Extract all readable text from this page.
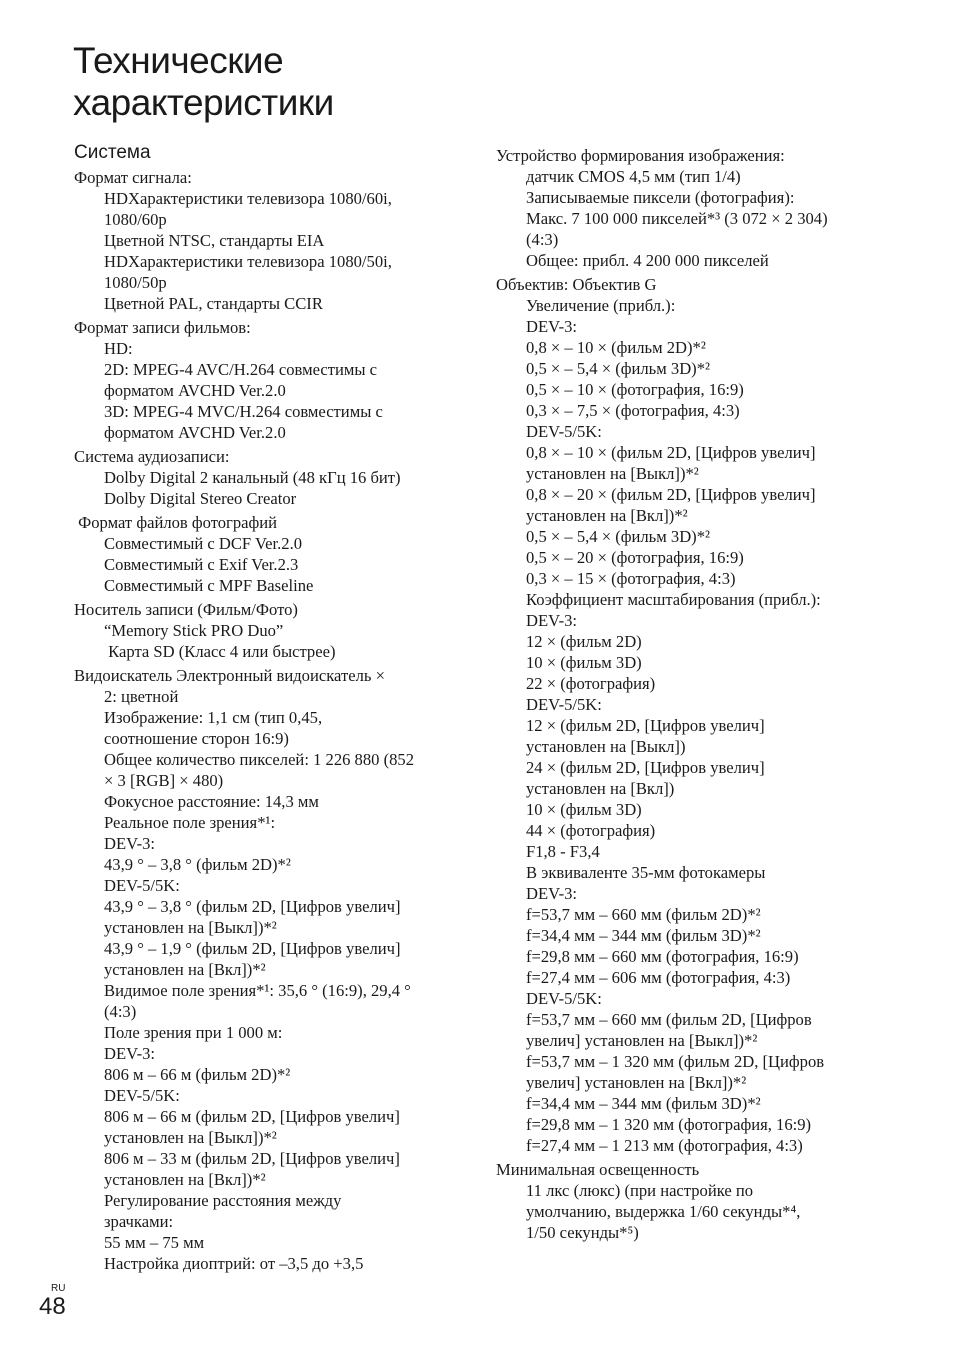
Технические
характеристики
Система
Формат сигнала:
HDХарактеристики телевизора 1080/60i,
1080/60p
Цветной NTSC, стандарты EIA
HDХарактеристики телевизора 1080/50i,
1080/50p
Цветной PAL, стандарты CCIR
Формат записи фильмов:
HD:
2D: MPEG-4 AVC/H.264 совместимы с
форматом AVCHD Ver.2.0
3D: MPEG-4 MVC/H.264 совместимы с
форматом AVCHD Ver.2.0
Система аудиозаписи:
Dolby Digital 2 канальный (48 кГц 16 бит)
Dolby Digital Stereo Creator
Формат файлов фотографий
Совместимый с DCF Ver.2.0
Совместимый с Exif Ver.2.3
Совместимый с MPF Baseline
Носитель записи (Фильм/Фото)
“Memory Stick PRO Duo”
Карта SD (Класс 4 или быстрее)
Видоискатель Электронный видоискатель ×
2: цветной
Изображение: 1,1 см (тип 0,45,
соотношение сторон 16:9)
Общее количество пикселей: 1 226 880 (852
× 3 [RGB] × 480)
Фокусное расстояние: 14,3 мм
Реальное поле зрения*¹:
DEV-3:
43,9 ° – 3,8 ° (фильм 2D)*²
DEV-5/5K:
43,9 ° – 3,8 ° (фильм 2D, [Цифров увелич]
установлен на [Выкл])*²
43,9 ° – 1,9 ° (фильм 2D, [Цифров увелич]
установлен на [Вкл])*²
Видимое поле зрения*¹: 35,6 ° (16:9), 29,4 °
(4:3)
Поле зрения при 1 000 м:
DEV-3:
806 м – 66 м (фильм 2D)*²
DEV-5/5K:
806 м – 66 м (фильм 2D, [Цифров увелич]
установлен на [Выкл])*²
806 м – 33 м (фильм 2D, [Цифров увелич]
установлен на [Вкл])*²
Регулирование расстояния между
зрачками:
55 мм – 75 мм
Настройка диоптрий: от –3,5 до +3,5
Устройство формирования изображения:
датчик CMOS 4,5 мм (тип 1/4)
Записываемые пиксели (фотография):
Макс. 7 100 000 пикселей*³ (3 072 × 2 304)
(4:3)
Общее: прибл. 4 200 000 пикселей
Объектив: Объектив G
Увеличение (прибл.):
DEV-3:
0,8 × – 10 × (фильм 2D)*²
0,5 × – 5,4 × (фильм 3D)*²
0,5 × – 10 × (фотография, 16:9)
0,3 × – 7,5 × (фотография, 4:3)
DEV-5/5K:
0,8 × – 10 × (фильм 2D, [Цифров увелич]
установлен на [Выкл])*²
0,8 × – 20 × (фильм 2D, [Цифров увелич]
установлен на [Вкл])*²
0,5 × – 5,4 × (фильм 3D)*²
0,5 × – 20 × (фотография, 16:9)
0,3 × – 15 × (фотография, 4:3)
Коэффициент масштабирования (прибл.):
DEV-3:
12 × (фильм 2D)
10 × (фильм 3D)
22 × (фотография)
DEV-5/5K:
12 × (фильм 2D, [Цифров увелич]
установлен на [Выкл])
24 × (фильм 2D, [Цифров увелич]
установлен на [Вкл])
10 × (фильм 3D)
44 × (фотография)
F1,8 - F3,4
В эквиваленте 35-мм фотокамеры
DEV-3:
f=53,7 мм – 660 мм (фильм 2D)*²
f=34,4 мм – 344 мм (фильм 3D)*²
f=29,8 мм – 660 мм (фотография, 16:9)
f=27,4 мм – 606 мм (фотография, 4:3)
DEV-5/5K:
f=53,7 мм – 660 мм (фильм 2D, [Цифров
увелич] установлен на [Выкл])*²
f=53,7 мм – 1 320 мм (фильм 2D, [Цифров
увелич] установлен на [Вкл])*²
f=34,4 мм – 344 мм (фильм 3D)*²
f=29,8 мм – 1 320 мм (фотография, 16:9)
f=27,4 мм – 1 213 мм (фотография, 4:3)
Минимальная освещенность
11 лкс (люкс) (при настройке по
умолчанию, выдержка 1/60 секунды*⁴,
1/50 секунды*⁵)
RU
48
